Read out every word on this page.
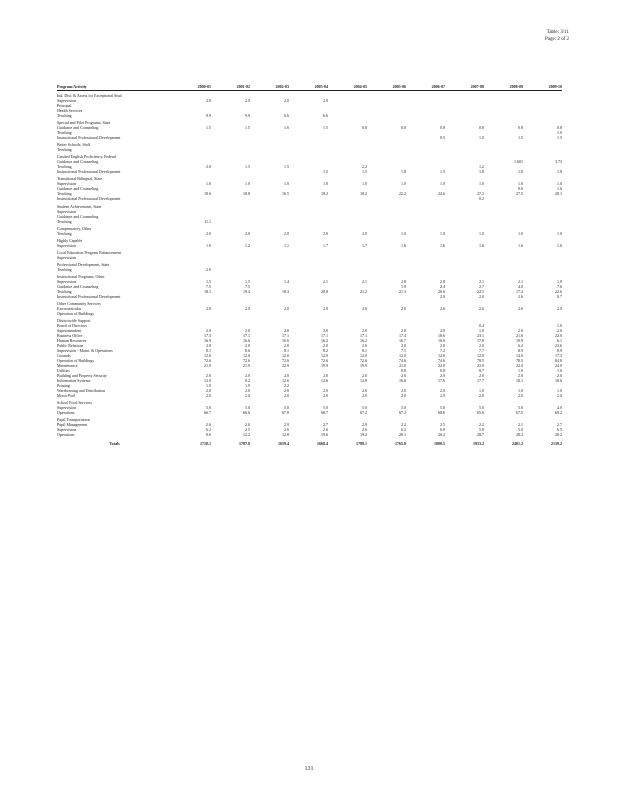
Table: 3/11
Page: 2 of 2
Program/Activity	2000-01	2001-02	2002-03	2003-04	2004-05	2005-06	2006-07	2007-08	2008-09	2009-10
Ind. Dist. & Assets for Exceptional Stud.										
Supervision	2.0	2.0	2.0	2.0						
Principal										
Health Services										
Teaching	9.9	9.9	6.6	6.6						
Special and Pilot Programs, State										
Guidance and Counseling	1.5	1.5	1.6	1.5	0.8	0.8	0.8	0.8	0.8	0.8
Teaching										1.0
Instructional Professional Development							0.5	1.0	1.5	1.5
Better Schools, Staff										
Teaching										
Limited English Proficiency, Federal										
Guidance and Counseling									1.601	3.73
Teaching	2.0	1.5	1.5		2.2			1.2		
Instructional Professional Development				1.5	1.5	1.8	1.5	1.8	1.8	1.8
Transitional Bilingual, State										
Supervision	1.0	1.0	1.0	1.0	1.0	1.0	1.0	1.0	1.0	1.0
Guidance and Counseling									0.6	1.6
Teaching	18.6	18.8	16.5	18.2	18.2	22.2	24.6	27.2	27.5	28.1
Instructional Professional Development								0.2		
Student Achievement, State										
Supervision										
Guidance and Counseling										
Teaching	11.1									
Compensatory, Other										
Teaching	2.0	2.0	2.0	2.0	2.0	1.0	1.0	1.0	1.0	1.0
Highly Capable										
Supervision	1.0	1.2	1.1	1.7	1.7	1.6	1.6	1.6	1.6	1.6
Local Education Program Enhancement										
Supervision										
Professional Development, State										
Teaching	2.0									
Instructional Programs, Other										
Supervision	1.5	1.5	1.4	2.1	2.1	2.8	2.8	2.1	2.1	1.9
Guidance and Counseling	7.5	7.5				1.9	2.4	2.7	4.0	7.6
Teaching	18.1	19.4	18.3	20.8	21.2	21.3	26.6	22.1	17.2	22.6
Instructional Professional Development							2.0	2.0	2.6	0.7
Other Community Services										
Extracurricular	2.0	2.0	2.0	2.0	2.0	2.0	2.6	2.6	2.6	2.0
Operation of Buildings										
Districtwide Support										
Board of Directors								0.4		1.0
Superintendent	2.0	2.0	2.0	2.0	2.0	2.0	2.0	1.0	2.0	2.0
Business Office	17.3	17.1	17.1	17.1	17.1	17.4	18.6	23.1	21.6	22.0
Human Resources	16.9	16.6	16.6	16.2	16.2	16.7	16.6	17.8	19.9	6.1
Public Relations	2.8	2.0	2.0	2.0	2.0	2.0	2.0	2.0	6.2	23.6
Supervision - Maint. & Operations	8.1	8.6	8.1	8.2	8.1	7.1	7.2	7.7	8.9	8.9
Grounds	12.0	12.0	12.0	12.0	12.0	12.0	12.0	12.0	14.0	17.3
Operation of Buildings	72.6	72.6	72.6	72.6	72.6	74.6	74.6	78.5	78.5	84.8
Maintenance	21.9	21.9	22.9	19.9	19.9	21.0	22.0	23.0	22.0	24.0
Utilities						0.8	0.8	0.7	1.0	1.0
Building and Property Security	2.0	2.0	2.0	2.0	2.0	2.0	2.0	2.0	2.0	2.0
Information Systems	12.0	8.2	12.6	12.6	12.8	16.6	17.6	17.7	18.1	18.6
Printing	1.9	1.9	2.2							
Warehousing and Distribution	2.0	2.0	2.0	2.0	2.0	2.0	2.0	1.0	1.0	1.0
Motor Pool	2.0	2.0	2.0	2.0	2.0	2.0	2.0	2.0	2.0	2.0
School Food Services										
Supervision	5.0	5.0	5.0	5.0	5.0	5.0	5.0	5.0	5.0	4.0
Operations	66.7	66.6	67.8	68.7	67.2	67.2	68.6	65.6	67.5	69.2
Pupil Transportation										
Pupil Management	2.6	2.0	2.9	2.7	2.9	2.2	2.5	2.2	2.1	2.7
Supervision	6.2	2.5	2.6	2.6	2.6	6.2	6.8	5.8	5.0	6.5
Operations	8.6	12.2	12.8	19.6	19.2	28.1	26.2	28.7	28.2	28.2
Totals	1718.1	1787.8	1659.4	1668.4	1788.1	1765.8	1800.5	1933.2	2401.2	2139.2
131
